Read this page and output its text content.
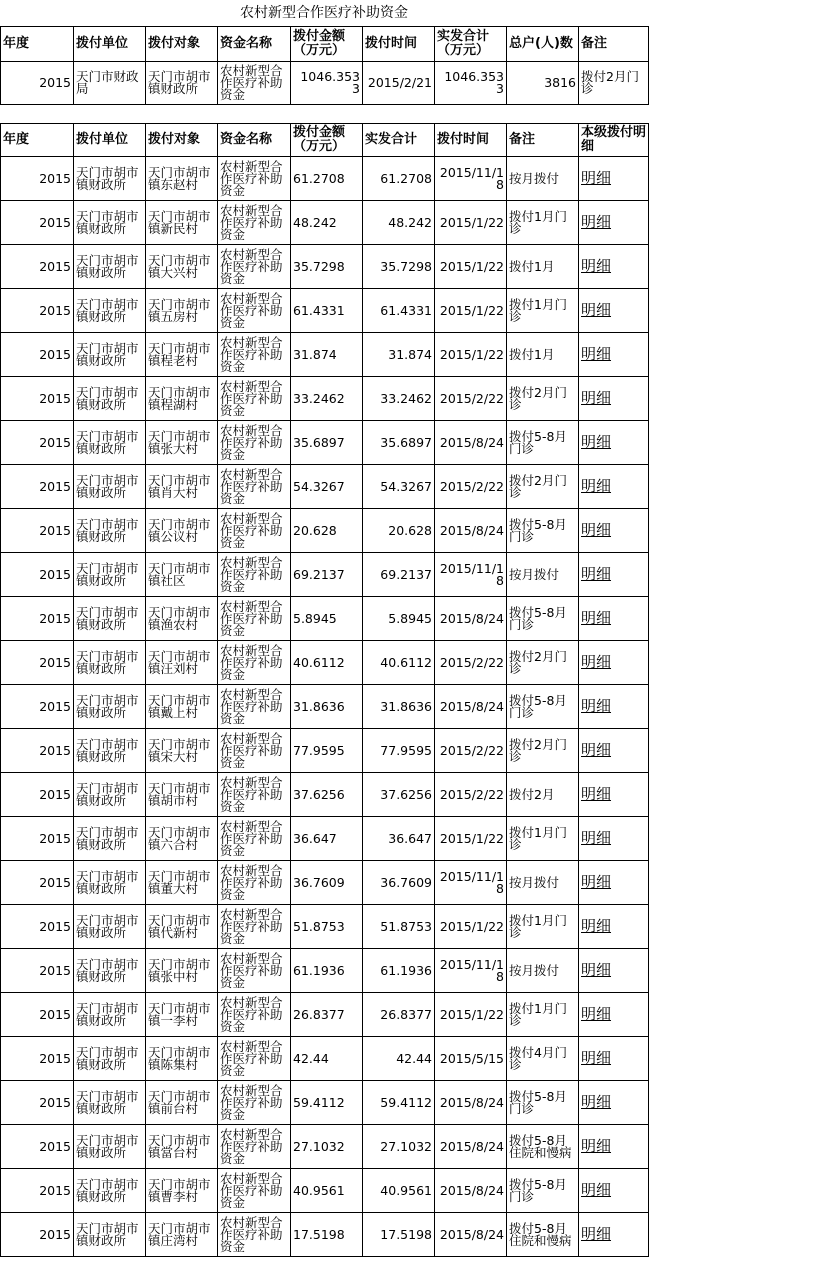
农村新型合作医疗补助资金
年度	拨付单位	拨付对象	资金名称	拨付金额（万元）	拨付时间	实发合计（万元）	总户(人)数	备注
2015	天门市财政局	天门市胡市镇财政所	农村新型合作医疗补助资金	1046.3533	2015/2/21	1046.3533	3816	拨付2月门诊
年度	拨付单位	拨付对象	资金名称	拨付金额（万元）	实发合计	拨付时间	备注	本级拨付明细
2015	天门市胡市镇财政所	天门市胡市镇东赵村	农村新型合作医疗补助资金	61.2708	61.2708	2015/11/18	按月拨付	明细
2015	天门市胡市镇财政所	天门市胡市镇新民村	农村新型合作医疗补助资金	48.242	48.242	2015/1/22	拨付1月门诊	明细
2015	天门市胡市镇财政所	天门市胡市镇大兴村	农村新型合作医疗补助资金	35.7298	35.7298	2015/1/22	拨付1月	明细
2015	天门市胡市镇财政所	天门市胡市镇五房村	农村新型合作医疗补助资金	61.4331	61.4331	2015/1/22	拨付1月门诊	明细
2015	天门市胡市镇财政所	天门市胡市镇程老村	农村新型合作医疗补助资金	31.874	31.874	2015/1/22	拨付1月	明细
2015	天门市胡市镇财政所	天门市胡市镇程湖村	农村新型合作医疗补助资金	33.2462	33.2462	2015/2/22	拨付2月门诊	明细
2015	天门市胡市镇财政所	天门市胡市镇张大村	农村新型合作医疗补助资金	35.6897	35.6897	2015/8/24	拨付5-8月门诊	明细
2015	天门市胡市镇财政所	天门市胡市镇肖大村	农村新型合作医疗补助资金	54.3267	54.3267	2015/2/22	拨付2月门诊	明细
2015	天门市胡市镇财政所	天门市胡市镇公议村	农村新型合作医疗补助资金	20.628	20.628	2015/8/24	拨付5-8月门诊	明细
2015	天门市胡市镇财政所	天门市胡市镇社区	农村新型合作医疗补助资金	69.2137	69.2137	2015/11/18	按月拨付	明细
2015	天门市胡市镇财政所	天门市胡市镇渔农村	农村新型合作医疗补助资金	5.8945	5.8945	2015/8/24	拨付5-8月门诊	明细
2015	天门市胡市镇财政所	天门市胡市镇汪刘村	农村新型合作医疗补助资金	40.6112	40.6112	2015/2/22	拨付2月门诊	明细
2015	天门市胡市镇财政所	天门市胡市镇戴上村	农村新型合作医疗补助资金	31.8636	31.8636	2015/8/24	拨付5-8月门诊	明细
2015	天门市胡市镇财政所	天门市胡市镇宋大村	农村新型合作医疗补助资金	77.9595	77.9595	2015/2/22	拨付2月门诊	明细
2015	天门市胡市镇财政所	天门市胡市镇胡市村	农村新型合作医疗补助资金	37.6256	37.6256	2015/2/22	拨付2月	明细
2015	天门市胡市镇财政所	天门市胡市镇六合村	农村新型合作医疗补助资金	36.647	36.647	2015/1/22	拨付1月门诊	明细
2015	天门市胡市镇财政所	天门市胡市镇董大村	农村新型合作医疗补助资金	36.7609	36.7609	2015/11/18	按月拨付	明细
2015	天门市胡市镇财政所	天门市胡市镇代新村	农村新型合作医疗补助资金	51.8753	51.8753	2015/1/22	拨付1月门诊	明细
2015	天门市胡市镇财政所	天门市胡市镇张中村	农村新型合作医疗补助资金	61.1936	61.1936	2015/11/18	按月拨付	明细
2015	天门市胡市镇财政所	天门市胡市镇一李村	农村新型合作医疗补助资金	26.8377	26.8377	2015/1/22	拨付1月门诊	明细
2015	天门市胡市镇财政所	天门市胡市镇陈集村	农村新型合作医疗补助资金	42.44	42.44	2015/5/15	拨付4月门诊	明细
2015	天门市胡市镇财政所	天门市胡市镇前台村	农村新型合作医疗补助资金	59.4112	59.4112	2015/8/24	拨付5-8月门诊	明细
2015	天门市胡市镇财政所	天门市胡市镇當台村	农村新型合作医疗补助资金	27.1032	27.1032	2015/8/24	拨付5-8月住院和慢病	明细
2015	天门市胡市镇财政所	天门市胡市镇曹李村	农村新型合作医疗补助资金	40.9561	40.9561	2015/8/24	拨付5-8月门诊	明细
2015	天门市胡市镇财政所	天门市胡市镇庄湾村	农村新型合作医疗补助资金	17.5198	17.5198	2015/8/24	拨付5-8月住院和慢病	明细
